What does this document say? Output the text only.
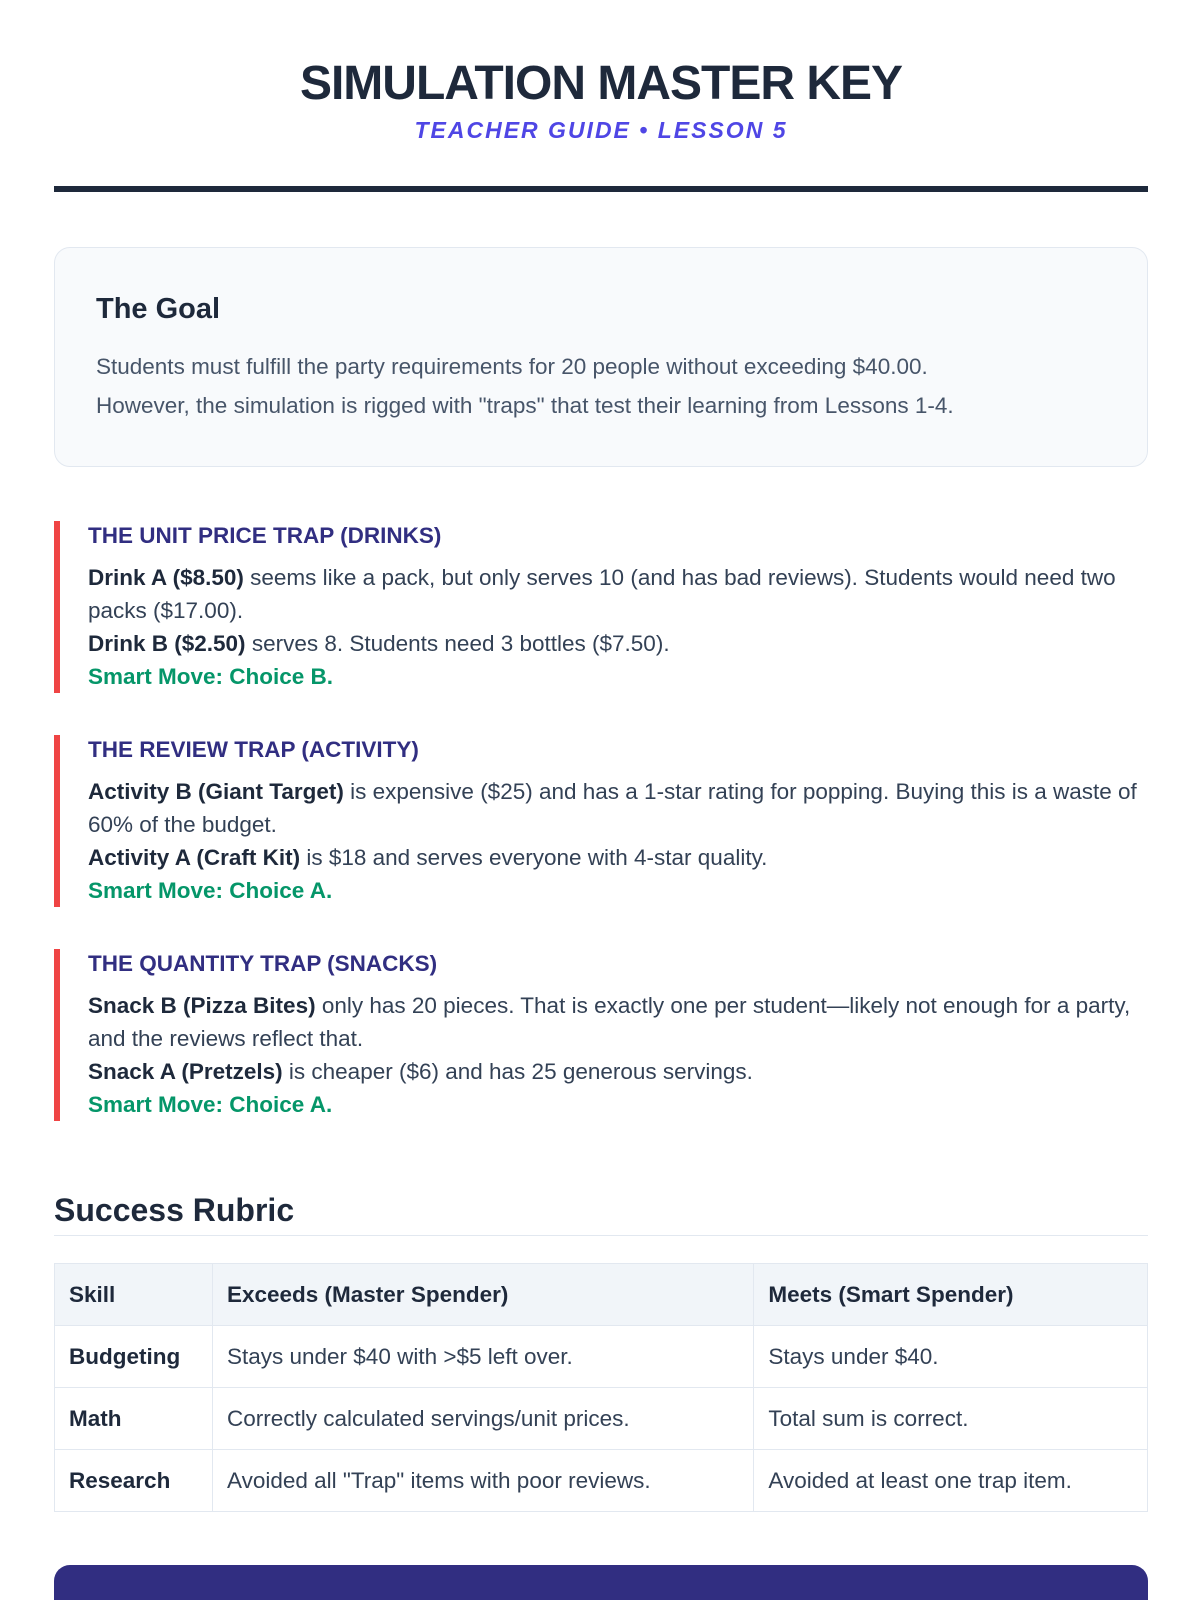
SIMULATION MASTER KEY
TEACHER GUIDE • LESSON 5
The Goal
Students must fulfill the party requirements for 20 people without exceeding $40.00.
However, the simulation is rigged with "traps" that test their learning from Lessons 1-4.
THE UNIT PRICE TRAP (DRINKS)
Drink A ($8.50) seems like a pack, but only serves 10 (and has bad reviews). Students would need two packs ($17.00).
Drink B ($2.50) serves 8. Students need 3 bottles ($7.50).
Smart Move: Choice B.
THE REVIEW TRAP (ACTIVITY)
Activity B (Giant Target) is expensive ($25) and has a 1-star rating for popping. Buying this is a waste of 60% of the budget.
Activity A (Craft Kit) is $18 and serves everyone with 4-star quality.
Smart Move: Choice A.
THE QUANTITY TRAP (SNACKS)
Snack B (Pizza Bites) only has 20 pieces. That is exactly one per student—likely not enough for a party, and the reviews reflect that.
Snack A (Pretzels) is cheaper ($6) and has 25 generous servings.
Smart Move: Choice A.
Success Rubric
Skill	Exceeds (Master Spender)	Meets (Smart Spender)
Budgeting	Stays under $40 with >$5 left over.	Stays under $40.
Math	Correctly calculated servings/unit prices.	Total sum is correct.
Research	Avoided all "Trap" items with poor reviews.	Avoided at least one trap item.
